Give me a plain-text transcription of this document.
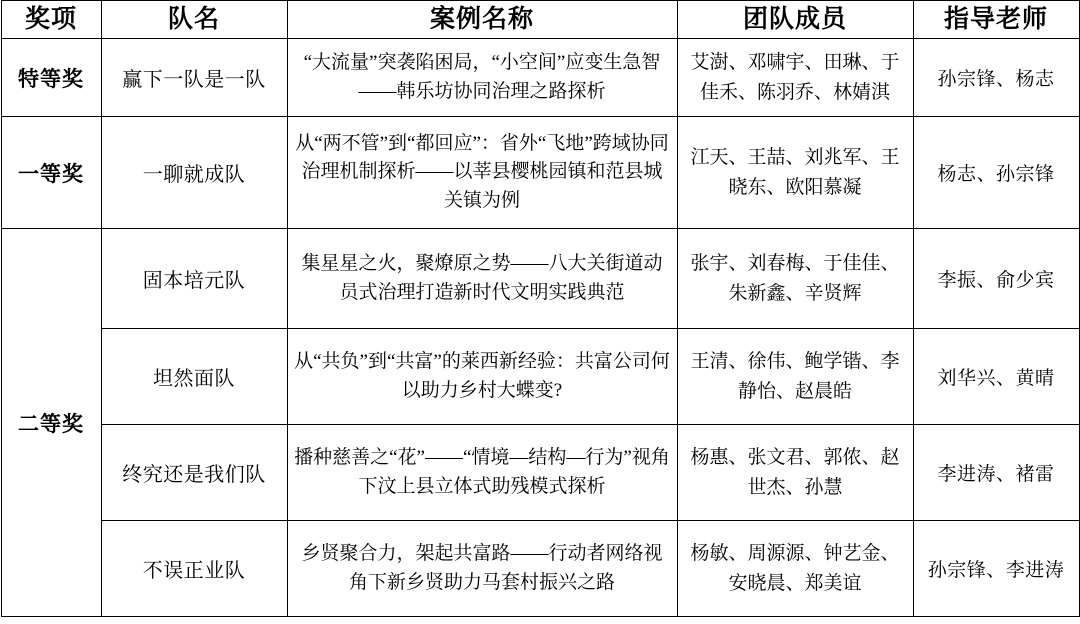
奖项	队名	案例名称	团队成员	指导老师
特等奖	赢下一队是一队	“大流量”突袭陷困局，“小空间”应变生急智——韩乐坊协同治理之路探析	艾澍、邓啸宇、田琳、于佳禾、陈羽乔、林婧淇	孙宗锋、杨志
一等奖	一聊就成队	从“两不管”到“都回应”：省外“飞地”跨域协同治理机制探析——以莘县樱桃园镇和范县城关镇为例	江天、王喆、刘兆军、王晓东、欧阳慕凝	杨志、孙宗锋
二等奖	固本培元队	集星星之火，聚燎原之势——八大关街道动员式治理打造新时代文明实践典范	张宇、刘春梅、于佳佳、朱新鑫、辛贤辉	李振、俞少宾
	坦然面队	从“共负”到“共富”的莱西新经验：共富公司何以助力乡村大蝶变?	王清、徐伟、鲍学锴、李静怡、赵晨皓	刘华兴、黄晴
	终究还是我们队	播种慈善之“花”——“情境—结构—行为”视角下汶上县立体式助残模式探析	杨惠、张文君、郭侬、赵世杰、孙慧	李进涛、褚雷
	不误正业队	乡贤聚合力，架起共富路——行动者网络视角下新乡贤助力马套村振兴之路	杨敏、周源源、钟艺金、安晓晨、郑美谊	孙宗锋、李进涛
